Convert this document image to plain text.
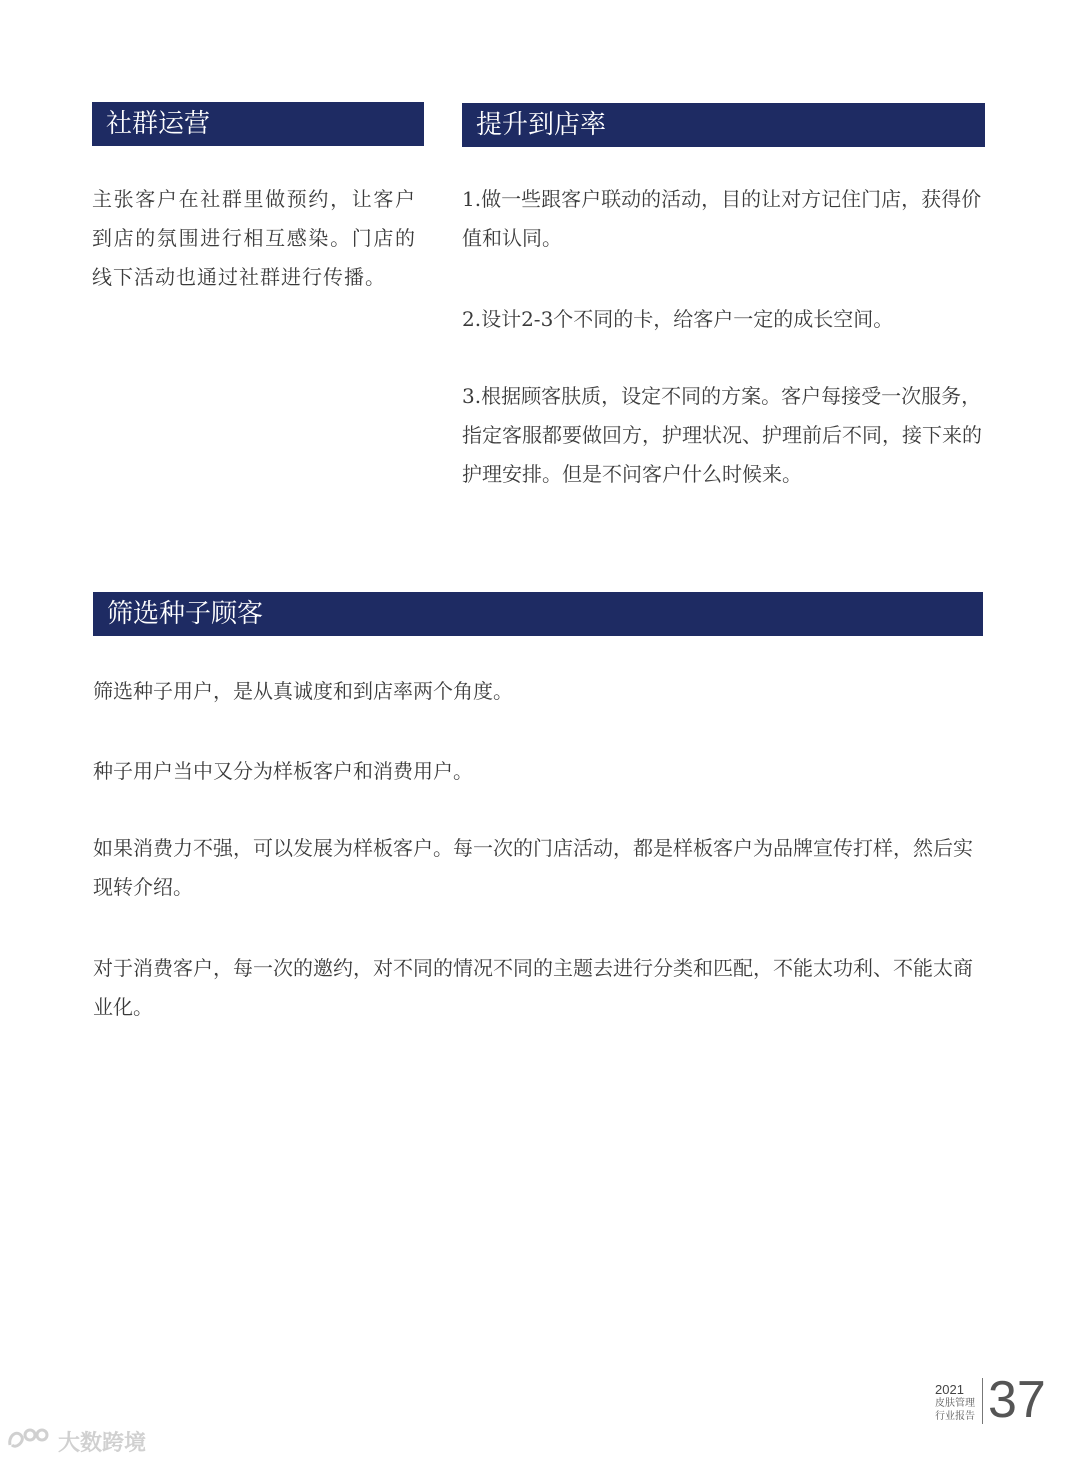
社群运营

主张客户在社群里做预约，让客户到店的氛围进行相互感染。门店的线下活动也通过社群进行传播。

提升到店率

1.做一些跟客户联动的活动，目的让对方记住门店，获得价值和认同。

2.设计2-3个不同的卡，给客户一定的成长空间。

3.根据顾客肤质，设定不同的方案。客户每接受一次服务，指定客服都要做回方，护理状况、护理前后不同，接下来的护理安排。但是不问客户什么时候来。

筛选种子顾客

筛选种子用户，是从真诚度和到店率两个角度。

种子用户当中又分为样板客户和消费用户。

如果消费力不强，可以发展为样板客户。每一次的门店活动，都是样板客户为品牌宣传打样，然后实现转介绍。

对于消费客户，每一次的邀约，对不同的情况不同的主题去进行分类和匹配，不能太功利、不能太商业化。

2021
皮肤管理
行业报告 37
大数跨境
